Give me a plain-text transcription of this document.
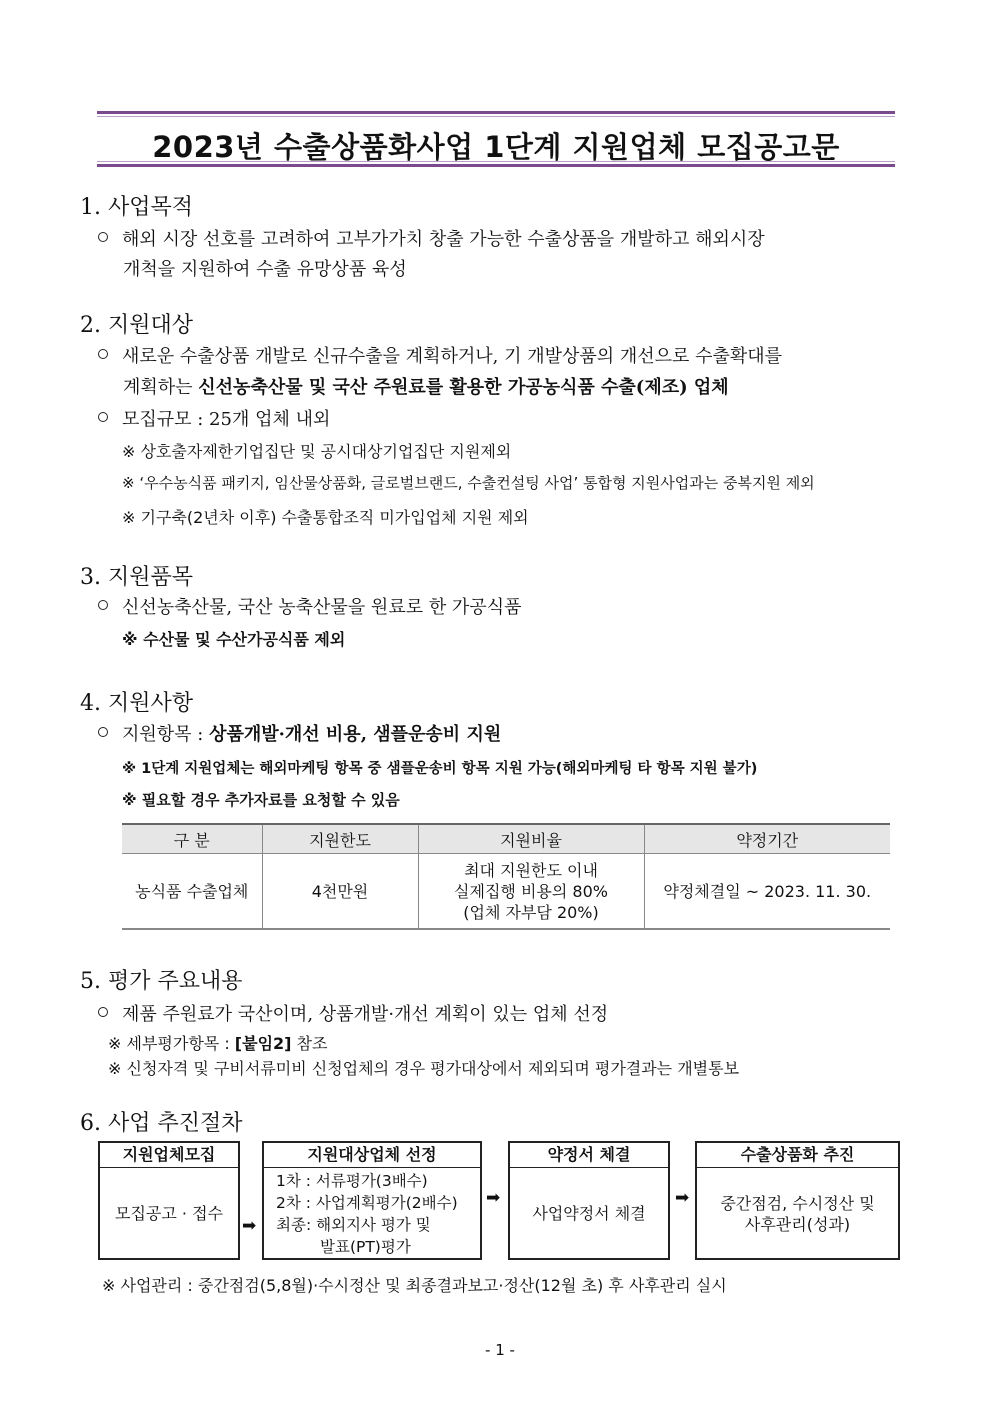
2023년 수출상품화사업 1단계 지원업체 모집공고문
1. 사업목적
해외 시장 선호를 고려하여 고부가가치 창출 가능한 수출상품을 개발하고 해외시장
개척을 지원하여 수출 유망상품 육성
2. 지원대상
새로운 수출상품 개발로 신규수출을 계획하거나, 기 개발상품의 개선으로 수출확대를
계획하는 신선농축산물 및 국산 주원료를 활용한 가공농식품 수출(제조) 업체
모집규모 : 25개 업체 내외
※ 상호출자제한기업집단 및 공시대상기업집단 지원제외
※ ‘우수농식품 패키지, 임산물상품화, 글로벌브랜드, 수출컨설팅 사업’ 통합형 지원사업과는 중복지원 제외
※ 기구축(2년차 이후) 수출통합조직 미가입업체 지원 제외
3. 지원품목
신선농축산물, 국산 농축산물을 원료로 한 가공식품
※ 수산물 및 수산가공식품 제외
4. 지원사항
지원항목 : 상품개발·개선 비용, 샘플운송비 지원
※ 1단계 지원업체는 해외마케팅 항목 중 샘플운송비 항목 지원 가능(해외마케팅 타 항목 지원 불가)
※ 필요할 경우 추가자료를 요청할 수 있음
구 분	지원한도	지원비율	약정기간
농식품 수출업체	4천만원	최대 지원한도 이내
실제집행 비용의 80%
(업체 자부담 20%)	약정체결일 ~ 2023. 11. 30.
5. 평가 주요내용
제품 주원료가 국산이며, 상품개발·개선 계획이 있는 업체 선정
※ 세부평가항목 : [붙임2] 참조
※ 신청자격 및 구비서류미비 신청업체의 경우 평가대상에서 제외되며 평가결과는 개별통보
6. 사업 추진절차
지원업체모집
모집공고 · 접수
➡
지원대상업체 선정
1차 : 서류평가(3배수)
2차 : 사업계획평가(2배수)
최종: 해외지사 평가 및
발표(PT)평가
➡
약정서 체결
사업약정서 체결
➡
수출상품화 추진
중간점검, 수시정산 및
사후관리(성과)
※ 사업관리 : 중간점검(5,8월)·수시정산 및 최종결과보고·정산(12월 초) 후 사후관리 실시
- 1 -
